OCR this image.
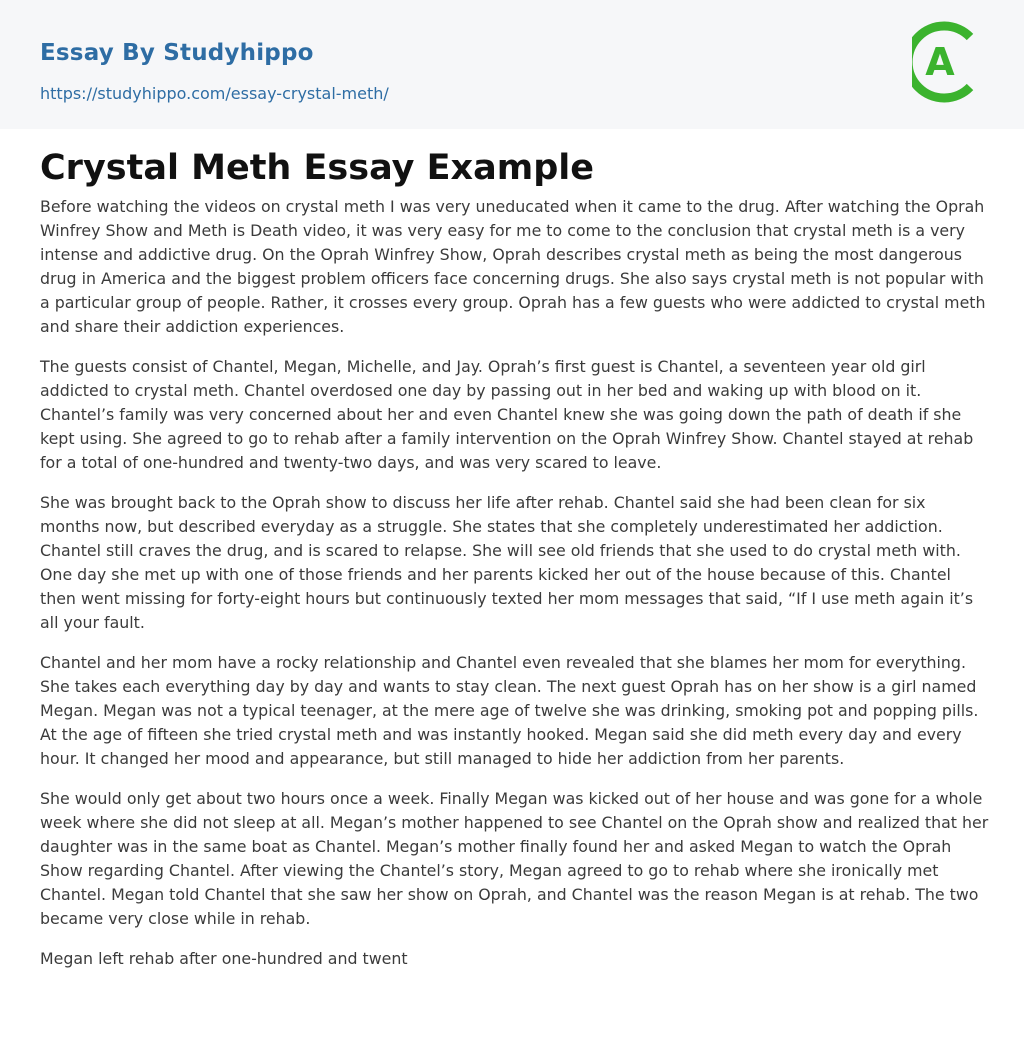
Essay By Studyhippo
https://studyhippo.com/essay-crystal-meth/
A
Crystal Meth Essay Example

Before watching the videos on crystal meth I was very uneducated when it came to the drug. After watching the Oprah Winfrey Show and Meth is Death video, it was very easy for me to come to the conclusion that crystal meth is a very intense and addictive drug. On the Oprah Winfrey Show, Oprah describes crystal meth as being the most dangerous drug in America and the biggest problem officers face concerning drugs. She also says crystal meth is not popular with a particular group of people. Rather, it crosses every group. Oprah has a few guests who were addicted to crystal meth and share their addiction experiences.

The guests consist of Chantel, Megan, Michelle, and Jay. Oprah’s first guest is Chantel, a seventeen year old girl addicted to crystal meth. Chantel overdosed one day by passing out in her bed and waking up with blood on it. Chantel’s family was very concerned about her and even Chantel knew she was going down the path of death if she kept using. She agreed to go to rehab after a family intervention on the Oprah Winfrey Show. Chantel stayed at rehab for a total of one-hundred and twenty-two days, and was very scared to leave.

She was brought back to the Oprah show to discuss her life after rehab. Chantel said she had been clean for six months now, but described everyday as a struggle. She states that she completely underestimated her addiction. Chantel still craves the drug, and is scared to relapse. She will see old friends that she used to do crystal meth with. One day she met up with one of those friends and her parents kicked her out of the house because of this. Chantel then went missing for forty-eight hours but continuously texted her mom messages that said, “If I use meth again it’s all your fault.

Chantel and her mom have a rocky relationship and Chantel even revealed that she blames her mom for everything. She takes each everything day by day and wants to stay clean. The next guest Oprah has on her show is a girl named Megan. Megan was not a typical teenager, at the mere age of twelve she was drinking, smoking pot and popping pills. At the age of fifteen she tried crystal meth and was instantly hooked. Megan said she did meth every day and every hour. It changed her mood and appearance, but still managed to hide her addiction from her parents.

She would only get about two hours once a week. Finally Megan was kicked out of her house and was gone for a whole week where she did not sleep at all. Megan’s mother happened to see Chantel on the Oprah show and realized that her daughter was in the same boat as Chantel. Megan’s mother finally found her and asked Megan to watch the Oprah Show regarding Chantel. After viewing the Chantel’s story, Megan agreed to go to rehab where she ironically met Chantel. Megan told Chantel that she saw her show on Oprah, and Chantel was the reason Megan is at rehab. The two became very close while in rehab.

Megan left rehab after one-hundred and twent
